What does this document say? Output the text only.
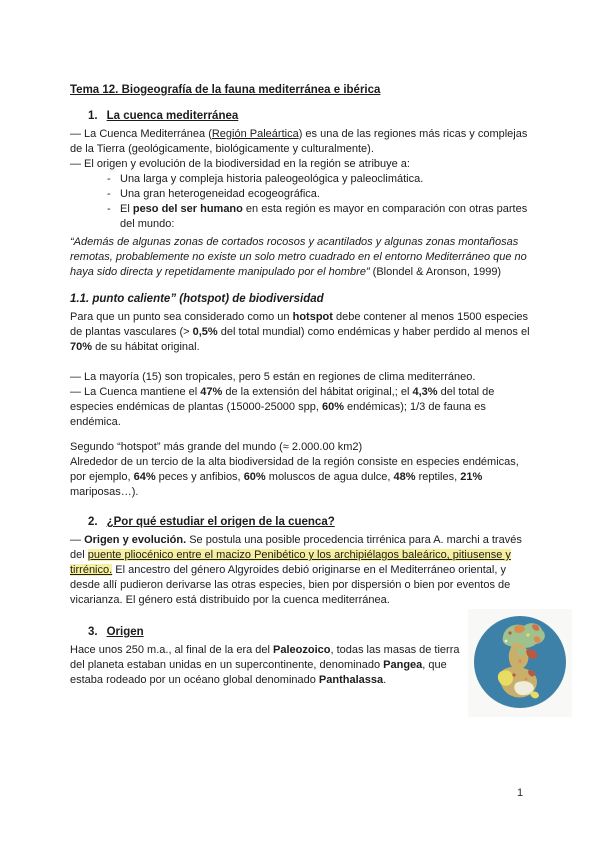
Tema 12. Biogeografía de la fauna mediterránea e ibérica

1. La cuenca mediterránea

— La Cuenca Mediterránea (Región Paleártica) es una de las regiones más ricas y complejas de la Tierra (geológicamente, biológicamente y culturalmente).

— El origen y evolución de la biodiversidad en la región se atribuye a:

- Una larga y compleja historia paleogeológica y paleoclimática.
- Una gran heterogeneidad ecogeográfica.
- El peso del ser humano en esta región es mayor en comparación con otras partes del mundo:

“Además de algunas zonas de cortados rocosos y acantilados y algunas zonas montañosas remotas, probablemente no existe un solo metro cuadrado en el entorno Mediterráneo que no haya sido directa y repetidamente manipulado por el hombre” (Blondel & Aronson, 1999)

1.1. punto caliente” (hotspot) de biodiversidad

Para que un punto sea considerado como un hotspot debe contener al menos 1500 especies de plantas vasculares (> 0,5% del total mundial) como endémicas y haber perdido al menos el 70% de su hábitat original.

— La mayoría (15) son tropicales, pero 5 están en regiones de clima mediterráneo.

— La Cuenca mantiene el 47% de la extensión del hábitat original,; el 4,3% del total de especies endémicas de plantas (15000-25000 spp, 60% endémicas); 1/3 de fauna es endémica.

Segundo “hotspot” más grande del mundo (≈ 2.000.00 km2)

Alrededor de un tercio de la alta biodiversidad de la región consiste en especies endémicas, por ejemplo, 64% peces y anfibios, 60% moluscos de agua dulce, 48% reptiles, 21% mariposas…).

2. ¿Por qué estudiar el origen de la cuenca?

— Origen y evolución. Se postula una posible procedencia tirrénica para A. marchi a través del puente pliocénico entre el macizo Penibético y los archipiélagos baleárico, pitiusense y tirrénico. El ancestro del género Algyroides debió originarse en el Mediterráneo oriental, y desde allí pudieron derivarse las otras especies, bien por dispersión o bien por eventos de vicarianza. El género está distribuido por la cuenca mediterránea.

3. Origen

Hace unos 250 m.a., al final de la era del Paleozoico, todas las masas de tierra del planeta estaban unidas en un supercontinente, denominado Pangea, que estaba rodeado por un océano global denominado Panthalassa.

1
